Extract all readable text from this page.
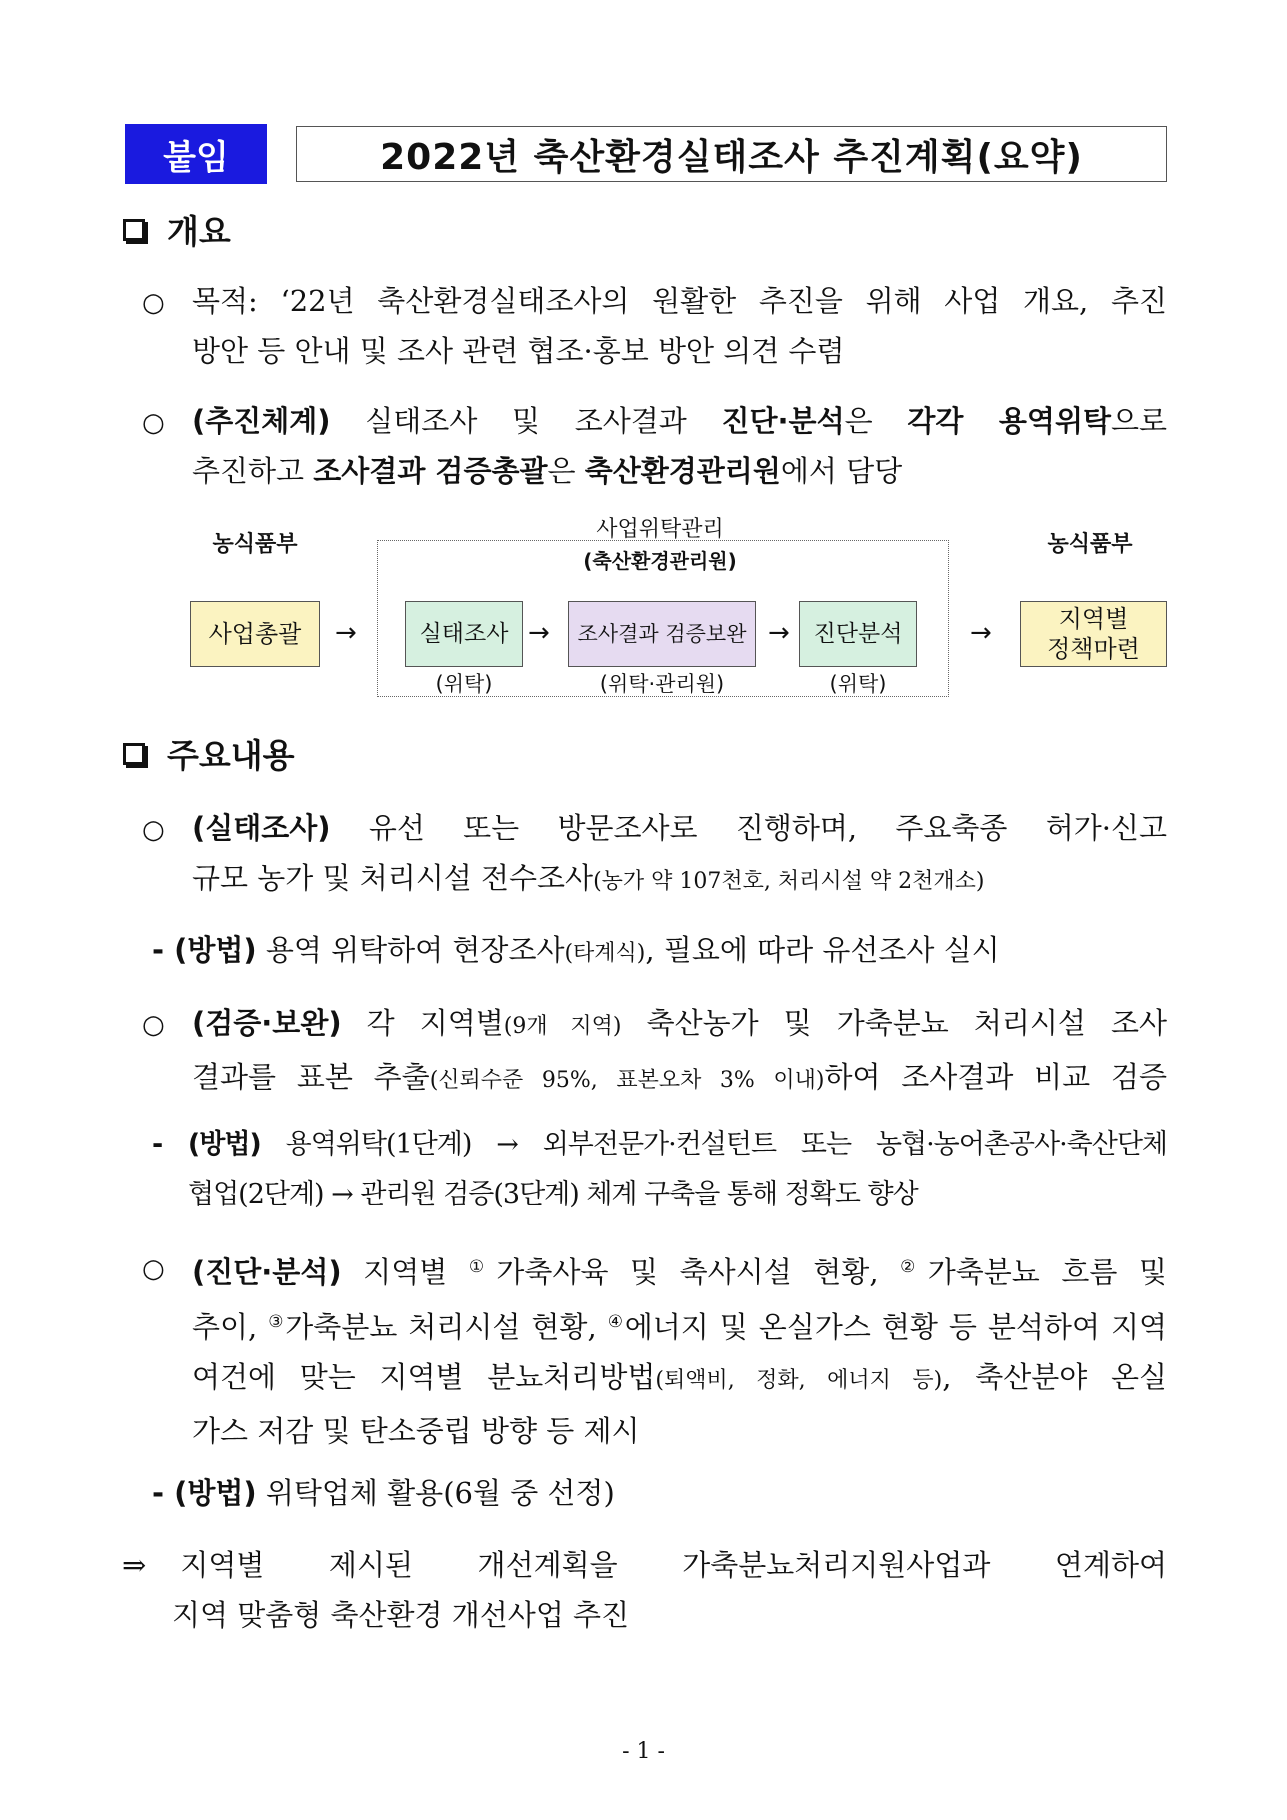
붙임	2022년 축산환경실태조사 추진계획(요약)
개요
○ 목적: ‘22년 축산환경실태조사의 원활한 추진을 위해 사업 개요, 추진
방안 등 안내 및 조사 관련 협조·홍보 방안 의견 수렴
○ (추진체계) 실태조사 및 조사결과 진단·분석은 각각 용역위탁으로
추진하고 조사결과 검증총괄은 축산환경관리원에서 담당
농식품부
사업위탁관리
(축산환경관리원)
농식품부
사업총괄	→	실태조사 →	조사결과 검증보완 →	진단분석	→	지역별
정책마련
(위탁)	(위탁·관리원)	(위탁)
주요내용
○ (실태조사) 유선 또는 방문조사로 진행하며, 주요축종 허가·신고
규모 농가 및 처리시설 전수조사(농가 약 107천호, 처리시설 약 2천개소)
- (방법) 용역 위탁하여 현장조사(타계식), 필요에 따라 유선조사 실시
○ (검증·보완) 각 지역별(9개 지역) 축산농가 및 가축분뇨 처리시설 조사
결과를 표본 추출(신뢰수준 95%, 표본오차 3% 이내)하여 조사결과 비교 검증
- (방법) 용역위탁(1단계) → 외부전문가·컨설턴트 또는 농협·농어촌공사·축산단체
협업(2단계) → 관리원 검증(3단계) 체계 구축을 통해 정확도 향상
○ (진단·분석) 지역별 ①가축사육 및 축사시설 현황, ②가축분뇨 흐름 및
추이, ③가축분뇨 처리시설 현황, ④에너지 및 온실가스 현황 등 분석하여 지역
여건에 맞는 지역별 분뇨처리방법(퇴액비, 정화, 에너지 등), 축산분야 온실
가스 저감 및 탄소중립 방향 등 제시
- (방법) 위탁업체 활용(6월 중 선정)
⇒ 지역별 제시된 개선계획을 가축분뇨처리지원사업과 연계하여
지역 맞춤형 축산환경 개선사업 추진
- 1 -
